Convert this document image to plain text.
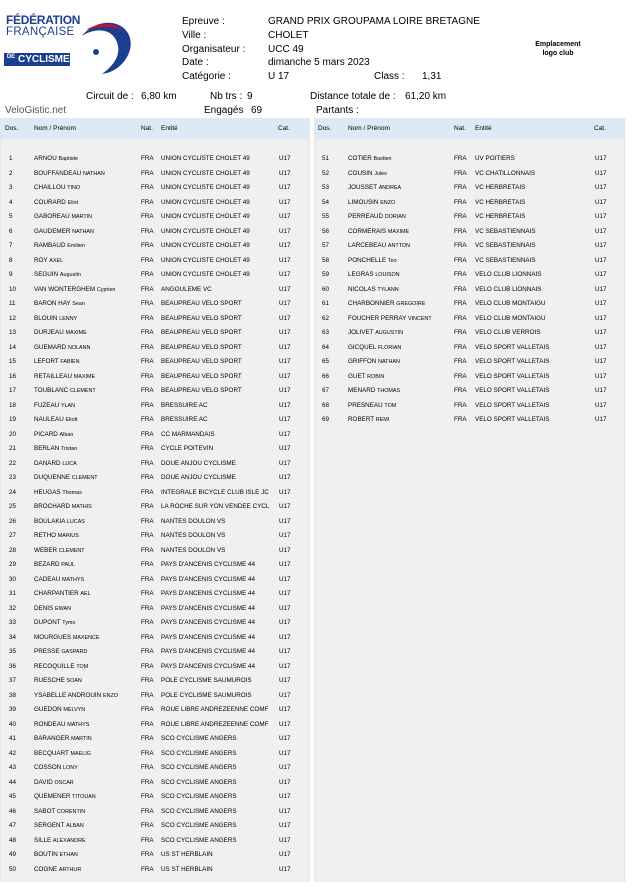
FÉDÉRATION
FRANÇAISE
DE CYCLISME
Epreuve :	GRAND PRIX GROUPAMA LOIRE BRETAGNE
Ville :	CHOLET
Organisateur : UCC 49
Date :	dimanche 5 mars 2023
Catégorie :	U 17	Class : 1,31
Emplacement
logo club
Circuit de : 6,80 km	Nb trs : 9	Distance totale de : 61,20 km
VeloGistic.net	Engagés 69	Partants :
Dos. Nom / Prénom	Nat. Entité	Cat.
1	ARNOU Baptiste	FRA UNION CYCLISTE CHOLET 49	U17
2	BOUFFANDEAU NATHAN	FRA UNION CYCLISTE CHOLET 49	U17
3	CHAILLOU TINO	FRA UNION CYCLISTE CHOLET 49	U17
4	COURARD Eliot	FRA UNION CYCLISTE CHOLET 49	U17
5	GABOREAU MARTIN	FRA UNION CYCLISTE CHOLET 49	U17
6	GAUDEMER NATHAN	FRA UNION CYCLISTE CHOLET 49	U17
7	RAMBAUD Emilien	FRA UNION CYCLISTE CHOLET 49	U17
8	ROY AXEL	FRA UNION CYCLISTE CHOLET 49	U17
9	SEGUIN Augustin	FRA UNION CYCLISTE CHOLET 49	U17
10	VAN WONTERGHEM Cyprien	FRA ANGOULEME VC	U17
11	BARON HAY Sean	FRA BEAUPREAU VELO SPORT	U17
12	BLOUIN LENNY	FRA BEAUPREAU VELO SPORT	U17
13	DURJEAU MAXIME	FRA BEAUPREAU VELO SPORT	U17
14	GUEMARD NOLANN	FRA BEAUPREAU VELO SPORT	U17
15	LEFORT FABIEN	FRA BEAUPREAU VELO SPORT	U17
16	RETAILLEAU MAXIME	FRA BEAUPREAU VELO SPORT	U17
17	TOUBLANC CLEMENT	FRA BEAUPREAU VELO SPORT	U17
18	FUZEAU YLAN	FRA BRESSUIRE AC	U17
19	NAULEAU Eliott	FRA BRESSUIRE AC	U17
20	PICARD Alban	FRA CC MARMANDAIS	U17
21	BERLAN Tristan	FRA CYCLE POITEVIN	U17
22	DANARD LUCA	FRA DOUE ANJOU CYCLISME	U17
23	DUQUENNE CLEMENT	FRA DOUE ANJOU CYCLISME	U17
24	HEUGAS Thomas	FRA INTEGRALE BICYCLE CLUB ISLE JC	U17
25	BROCHARD MATHIS	FRA LA ROCHE SUR YON VENDEE CYCL U17
26	BOULAKIA LUCAS	FRA NANTES DOULON VS	U17
27	RETHO MARIUS	FRA NANTES DOULON VS	U17
28	WEBER CLEMENT	FRA NANTES DOULON VS	U17
29	BEZARD PAUL	FRA PAYS D'ANCENIS CYCLISME 44	U17
30	CADEAU MATHYS	FRA PAYS D'ANCENIS CYCLISME 44	U17
31	CHARPANTIER AEL	FRA PAYS D'ANCENIS CYCLISME 44	U17
32	DENIS EWAN	FRA PAYS D'ANCENIS CYCLISME 44	U17
33	DUPONT Tymo	FRA PAYS D'ANCENIS CYCLISME 44	U17
34	MOURGUES MAXENCE	FRA PAYS D'ANCENIS CYCLISME 44	U17
35	PRESSE GASPARD	FRA PAYS D'ANCENIS CYCLISME 44	U17
36	RECOQUILLE TOM	FRA PAYS D'ANCENIS CYCLISME 44	U17
37	RUESCHE SOAN	FRA POLE CYCLISME SAUMUROIS	U17
38	YSABELLE ANDROUIN ENZO	FRA POLE CYCLISME SAUMUROIS	U17
39	GUEDON MELVYN	FRA ROUE LIBRE ANDREZEENNE COMF	U17
40	RONDEAU MATHYS	FRA ROUE LIBRE ANDREZEENNE COMF	U17
41	BARANGER MARTIN	FRA SCO CYCLISME ANGERS	U17
42	BECQUART MAELIG	FRA SCO CYCLISME ANGERS	U17
43	COSSON LONY	FRA SCO CYCLISME ANGERS	U17
44	DAVID OSCAR	FRA SCO CYCLISME ANGERS	U17
45	QUEMENER TITOUAN	FRA SCO CYCLISME ANGERS	U17
46	SABOT CORENTIN	FRA SCO CYCLISME ANGERS	U17
47	SERGENT ALBAN	FRA SCO CYCLISME ANGERS	U17
48	SILLE ALEXANDRE	FRA SCO CYCLISME ANGERS	U17
49	BOUTIN ETHAN	FRA US ST HERBLAIN	U17
50	COGNE ARTHUR	FRA US ST HERBLAIN	U17
Dos.	Nom / Prénom	Nat. Entité	Cat.
51	COTIER Bastien	FRA UV POITIERS	U17
52	COUSIN Jules	FRA VC CHATILLONNAIS	U17
53	JOUSSET ANDREA	FRA VC HERBRETAIS	U17
54	LIMOUSIN ENZO	FRA VC HERBRETAIS	U17
55	PERREAUD DORIAN	FRA VC HERBRETAIS	U17
56	CORMERAIS MAXIME	FRA VC SEBASTIENNAIS	U17
57	LARCEBEAU ANTTON	FRA VC SEBASTIENNAIS	U17
58	PONCHELLE Teo	FRA VC SEBASTIENNAIS	U17
59	LEGRAS LOUISON	FRA VELO CLUB LIONNAIS	U17
60	NICOLAS TYLANN	FRA VELO CLUB LIONNAIS	U17
61	CHARBONNIER GREGOIRE	FRA VELO CLUB MONTAIGU	U17
62	FOUCHER PERRAY VINCENT	FRA VELO CLUB MONTAIGU	U17
63	JOLIVET AUGUSTIN	FRA VELO CLUB VERROIS	U17
64	GICQUEL FLORIAN	FRA VELO SPORT VALLETAIS	U17
65	GRIFFON NATHAN	FRA VELO SPORT VALLETAIS	U17
66	GUET ROBIN	FRA VELO SPORT VALLETAIS	U17
67	MENARD THOMAS	FRA VELO SPORT VALLETAIS	U17
68	PRESNEAU TOM	FRA VELO SPORT VALLETAIS	U17
69	ROBERT REMI	FRA VELO SPORT VALLETAIS	U17
